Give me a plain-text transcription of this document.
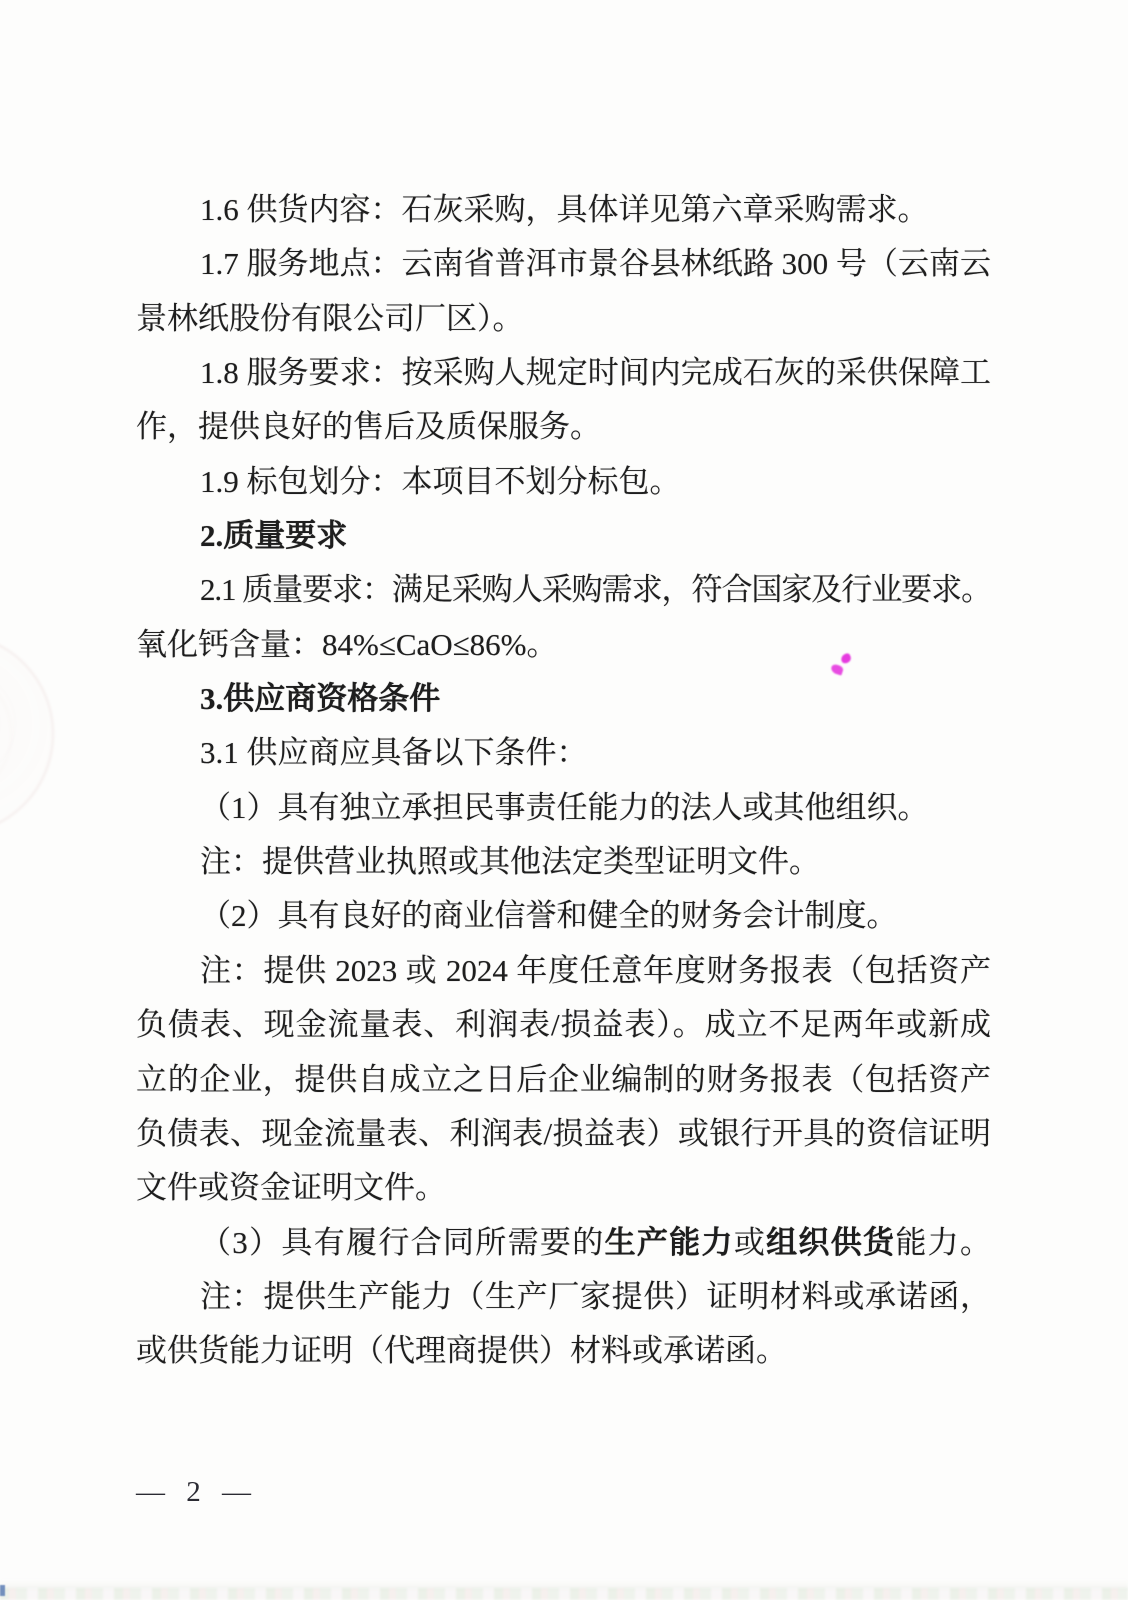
1.6 供货内容：石灰采购，具体详见第六章采购需求。
1.7 服务地点：云南省普洱市景谷县林纸路 300 号（云南云
景林纸股份有限公司厂区）。
1.8 服务要求：按采购人规定时间内完成石灰的采供保障工
作，提供良好的售后及质保服务。
1.9 标包划分：本项目不划分标包。
2.质量要求
2.1 质量要求：满足采购人采购需求，符合国家及行业要求。
氧化钙含量：84%≤CaO≤86%。
3.供应商资格条件
3.1 供应商应具备以下条件：
（1）具有独立承担民事责任能力的法人或其他组织。
注：提供营业执照或其他法定类型证明文件。
（2）具有良好的商业信誉和健全的财务会计制度。
注：提供 2023 或 2024 年度任意年度财务报表（包括资产
负债表、现金流量表、利润表/损益表）。成立不足两年或新成
立的企业，提供自成立之日后企业编制的财务报表（包括资产
负债表、现金流量表、利润表/损益表）或银行开具的资信证明
文件或资金证明文件。
（3）具有履行合同所需要的生产能力或组织供货能力。
注：提供生产能力（生产厂家提供）证明材料或承诺函，
或供货能力证明（代理商提供）材料或承诺函。
— 2 —
